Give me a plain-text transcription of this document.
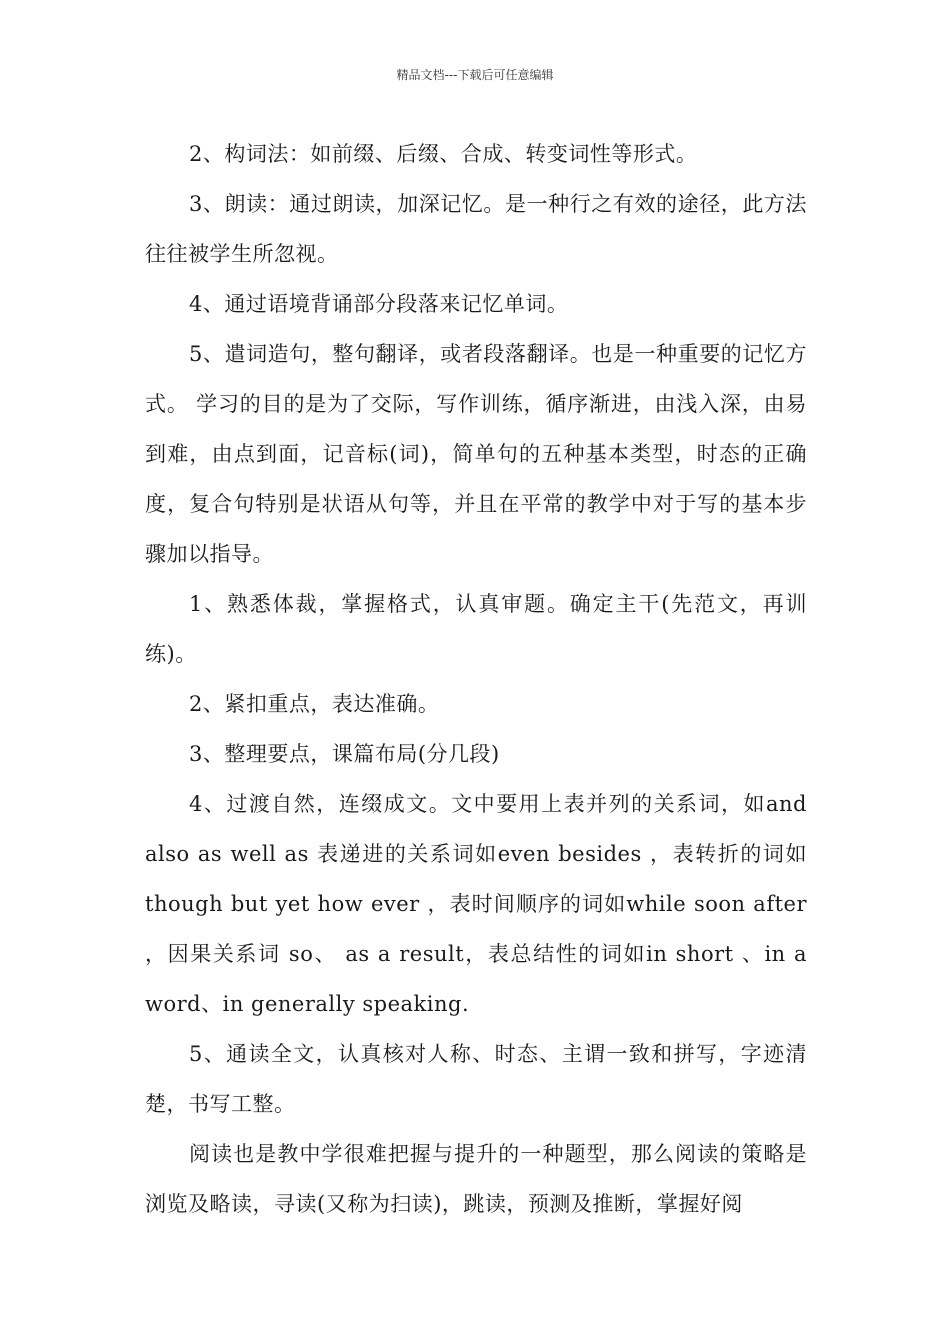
精品文档---下载后可任意编辑

2、构词法：如前缀、后缀、合成、转变词性等形式。

3、朗读：通过朗读，加深记忆。是一种行之有效的途径，此方法往往被学生所忽视。

4、通过语境背诵部分段落来记忆单词。

5、遣词造句，整句翻译，或者段落翻译。也是一种重要的记忆方式。 学习的目的是为了交际，写作训练，循序渐进，由浅入深，由易到难，由点到面，记音标(词)，简单句的五种基本类型，时态的正确度，复合句特别是状语从句等，并且在平常的教学中对于写的基本步骤加以指导。

1、熟悉体裁，掌握格式，认真审题。确定主干(先范文，再训练)。

2、紧扣重点，表达准确。

3、整理要点，课篇布局(分几段)

4、过渡自然，连缀成文。文中要用上表并列的关系词，如and also as well as 表递进的关系词如even besides ，表转折的词如 though but yet how ever ，表时间顺序的词如while soon after ，因果关系词 so、 as a result，表总结性的词如in short 、in a word、in generally speaking.

5、通读全文，认真核对人称、时态、主谓一致和拼写，字迹清楚，书写工整。

阅读也是教中学很难把握与提升的一种题型，那么阅读的策略是浏览及略读，寻读(又称为扫读)，跳读，预测及推断，掌握好阅
